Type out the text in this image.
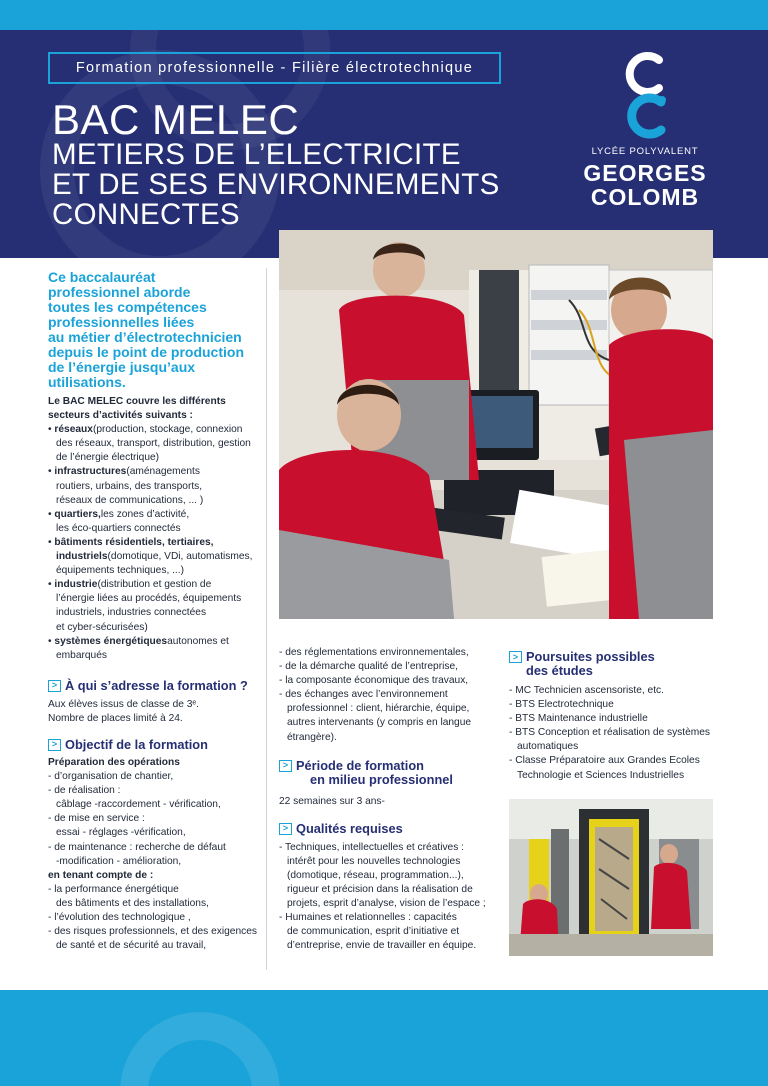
Formation professionnelle - Filière électrotechnique
BAC MELEC
METIERS DE L’ELECTRICITE
ET DE SES ENVIRONNEMENTS
CONNECTES
LYCÉE POLYVALENT
GEORGES
COLOMB
Ce baccalauréat
professionnel aborde
toutes les compétences
professionnelles liées
au métier d’électrotechnicien
depuis le point de production
de l’énergie jusqu’aux
utilisations.
Le BAC MELEC couvre les différents
secteurs d’activités suivants :
• réseaux(production, stockage, connexion
des réseaux, transport, distribution, gestion
de l’énergie électrique)
• infrastructures(aménagements
routiers, urbains, des transports,
réseaux de communications, ... )
• quartiers,les zones d’activité,
les éco-quartiers connectés
• bâtiments résidentiels, tertiaires,
industriels(domotique, VDi, automatismes,
équipements techniques, ...)
• industrie(distribution et gestion de
l’énergie liées au procédés, équipements
industriels, industries connectées
et cyber-sécurisées)
• systèmes énergétiquesautonomes et
embarqués
> À qui s’adresse la formation ?
Aux élèves issus de classe de 3ᵉ.
Nombre de places limité à 24.
> Objectif de la formation
Préparation des opérations
- d’organisation de chantier,
- de réalisation :
câblage -raccordement - vérification,
- de mise en service :
essai - réglages -vérification,
- de maintenance : recherche de défaut
-modification - amélioration,
en tenant compte de :
- la performance énergétique
des bâtiments et des installations,
- l’évolution des technologique ,
- des risques professionnels, et des exigences
de santé et de sécurité au travail,
- des réglementations environnementales,
- de la démarche qualité de l’entreprise,
- la composante économique des travaux,
- des échanges avec l’environnement
professionnel : client, hiérarchie, équipe,
autres intervenants (y compris en langue
étrangère).
> Période de formation
en milieu professionnel
22 semaines sur 3 ans-
> Qualités requises
- Techniques, intellectuelles et créatives :
intérêt pour les nouvelles technologies
(domotique, réseau, programmation...),
rigueur et précision dans la réalisation de
projets, esprit d’analyse, vision de l’espace ;
- Humaines et relationnelles : capacités
de communication, esprit d’initiative et
d’entreprise, envie de travailler en équipe.
> Poursuites possibles
des études
- MC Technicien ascensoriste, etc.
- BTS Electrotechnique
- BTS Maintenance industrielle
- BTS Conception et réalisation de systèmes
automatiques
- Classe Préparatoire aux Grandes Ecoles
Technologie et Sciences Industrielles
